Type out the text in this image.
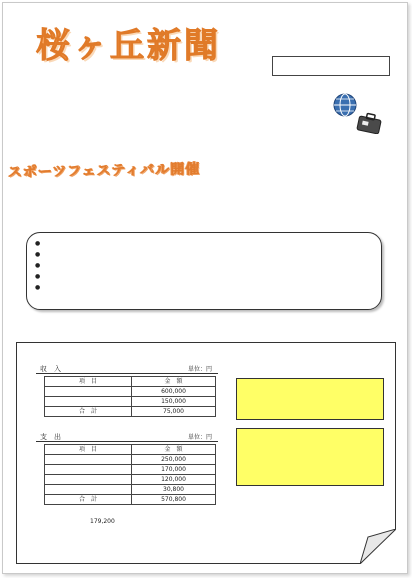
桜ヶ丘新聞
スポーツフェスティバル開催
●
●
●
●
●
収　入	単位：円
項　目	金　額
	600,000
	150,000
合　計	75,000
支　出	単位：円
項　目	金　額
	250,000
	170,000
	120,000
	30,800
合　計	570,800
179,200
